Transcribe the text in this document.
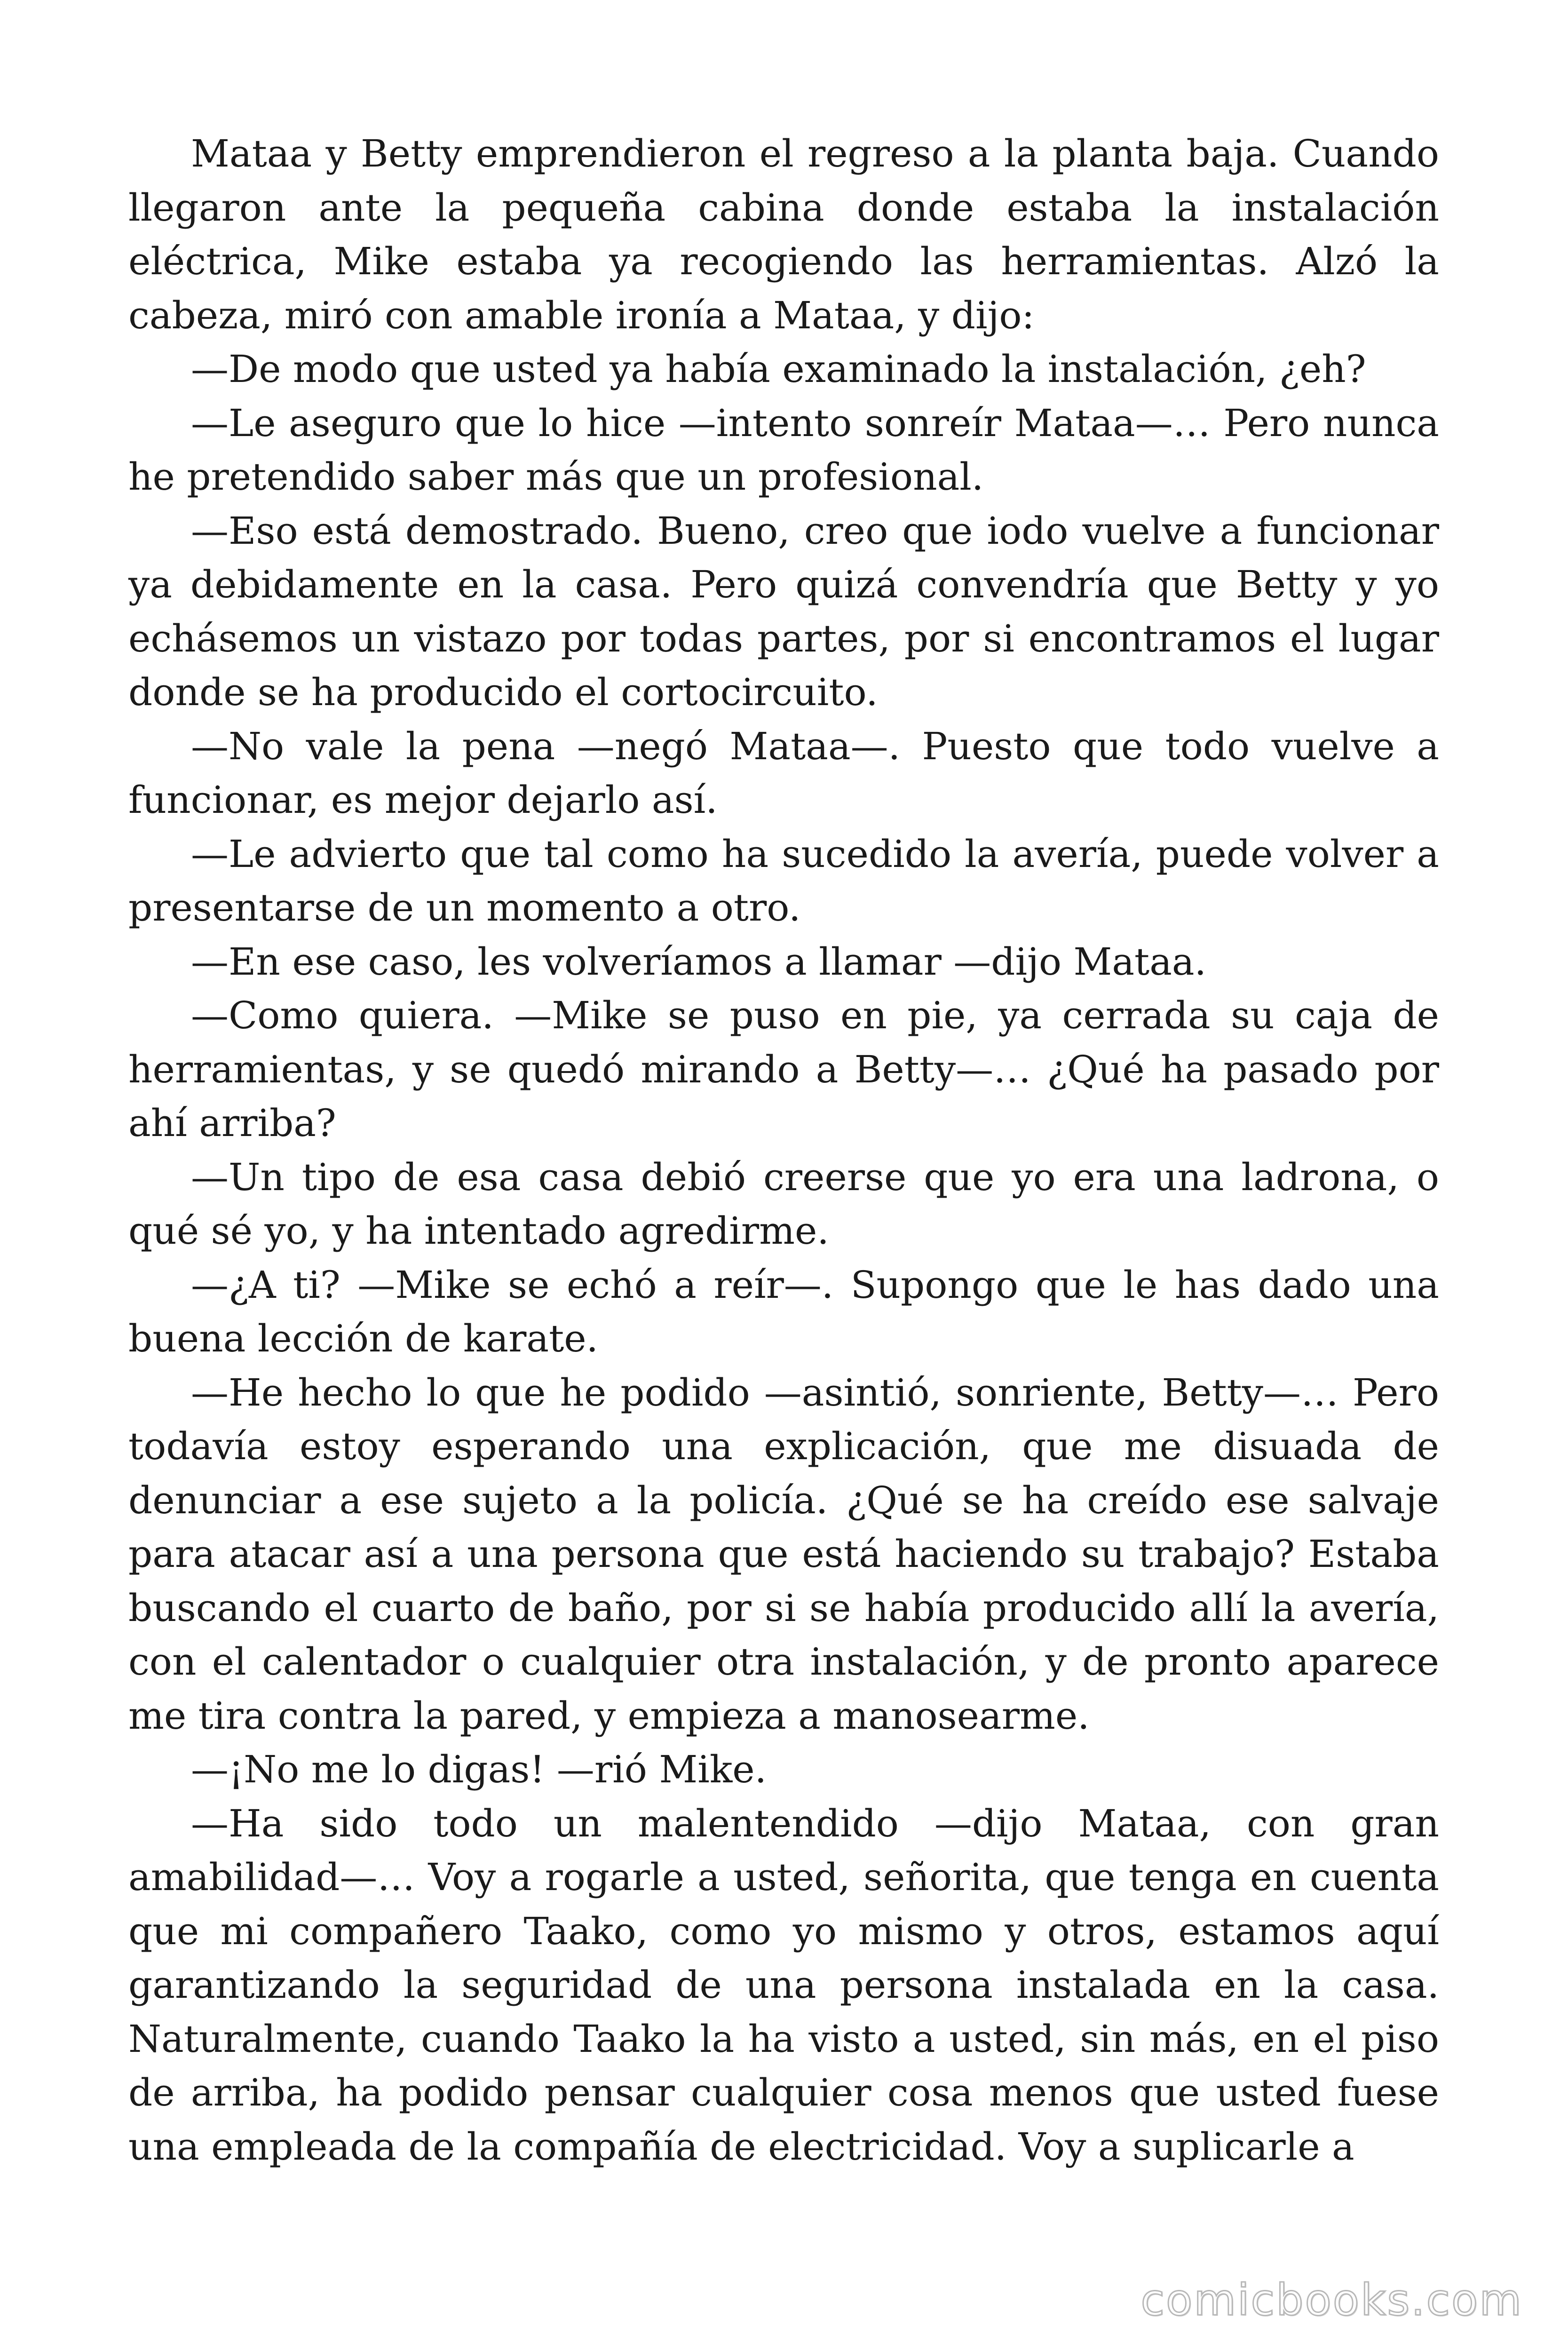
Mataa y Betty emprendieron el regreso a la planta baja. Cuando llegaron ante la pequeña cabina donde estaba la instalación eléctrica, Mike estaba ya recogiendo las herramientas. Alzó la cabeza, miró con amable ironía a Mataa, y dijo:

—De modo que usted ya había examinado la instalación, ¿eh?

—Le aseguro que lo hice —intento sonreír Mataa—… Pero nunca he pretendido saber más que un profesional.

—Eso está demostrado. Bueno, creo que iodo vuelve a funcionar ya debidamente en la casa. Pero quizá convendría que Betty y yo echásemos un vistazo por todas partes, por si encontramos el lugar donde se ha producido el cortocircuito.

—No vale la pena —negó Mataa—. Puesto que todo vuelve a funcionar, es mejor dejarlo así.

—Le advierto que tal como ha sucedido la avería, puede volver a presentarse de un momento a otro.

—En ese caso, les volveríamos a llamar —dijo Mataa.

—Como quiera. —Mike se puso en pie, ya cerrada su caja de herramientas, y se quedó mirando a Betty—… ¿Qué ha pasado por ahí arriba?

—Un tipo de esa casa debió creerse que yo era una ladrona, o qué sé yo, y ha intentado agredirme.

—¿A ti? —Mike se echó a reír—. Supongo que le has dado una buena lección de karate.

—He hecho lo que he podido —asintió, sonriente, Betty—… Pero todavía estoy esperando una explicación, que me disuada de denunciar a ese sujeto a la policía. ¿Qué se ha creído ese salvaje para atacar así a una persona que está haciendo su trabajo? Estaba buscando el cuarto de baño, por si se había producido allí la avería, con el calentador o cualquier otra instalación, y de pronto aparece me tira contra la pared, y empieza a manosearme.

—¡No me lo digas! —rió Mike.

—Ha sido todo un malentendido —dijo Mataa, con gran amabilidad—… Voy a rogarle a usted, señorita, que tenga en cuenta que mi compañero Taako, como yo mismo y otros, estamos aquí garantizando la seguridad de una persona instalada en la casa. Naturalmente, cuando Taako la ha visto a usted, sin más, en el piso de arriba, ha podido pensar cualquier cosa menos que usted fuese una empleada de la compañía de electricidad. Voy a suplicarle a

comicbooks.com
